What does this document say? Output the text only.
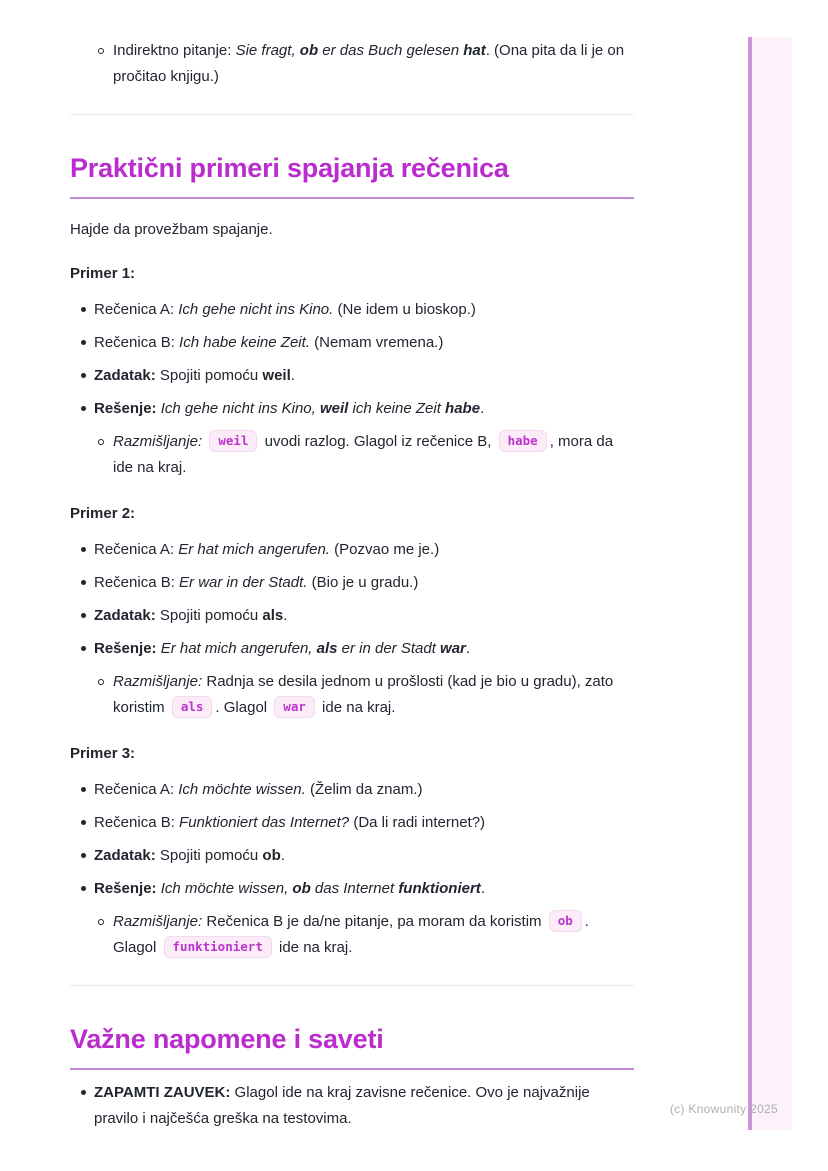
(c) Knowunity 2025
Indirektno pitanje: Sie fragt, ob er das Buch gelesen hat. (Ona pita da li je on pročitao knjigu.)
Praktični primeri spajanja rečenica

Hajde da provežbam spajanje.

Primer 1:

Rečenica A: Ich gehe nicht ins Kino. (Ne idem u bioskop.)
Rečenica B: Ich habe keine Zeit. (Nemam vremena.)
Zadatak: Spojiti pomoću weil.
Rešenje: Ich gehe nicht ins Kino, weil ich keine Zeit habe.
Razmišljanje: weil uvodi razlog. Glagol iz rečenice B, habe , mora da ide na kraj.

Primer 2:

Rečenica A: Er hat mich angerufen. (Pozvao me je.)
Rečenica B: Er war in der Stadt. (Bio je u gradu.)
Zadatak: Spojiti pomoću als.
Rešenje: Er hat mich angerufen, als er in der Stadt war.
Razmišljanje: Radnja se desila jednom u prošlosti (kad je bio u gradu), zato koristim als . Glagol war ide na kraj.

Primer 3:

Rečenica A: Ich möchte wissen. (Želim da znam.)
Rečenica B: Funktioniert das Internet? (Da li radi internet?)
Zadatak: Spojiti pomoću ob.
Rešenje: Ich möchte wissen, ob das Internet funktioniert.
Razmišljanje: Rečenica B je da/ne pitanje, pa moram da koristim ob . Glagol funktioniert ide na kraj.
Važne napomene i saveti
ZAPAMTI ZAUVEK: Glagol ide na kraj zavisne rečenice. Ovo je najvažnije pravilo i najčešća greška na testovima.
